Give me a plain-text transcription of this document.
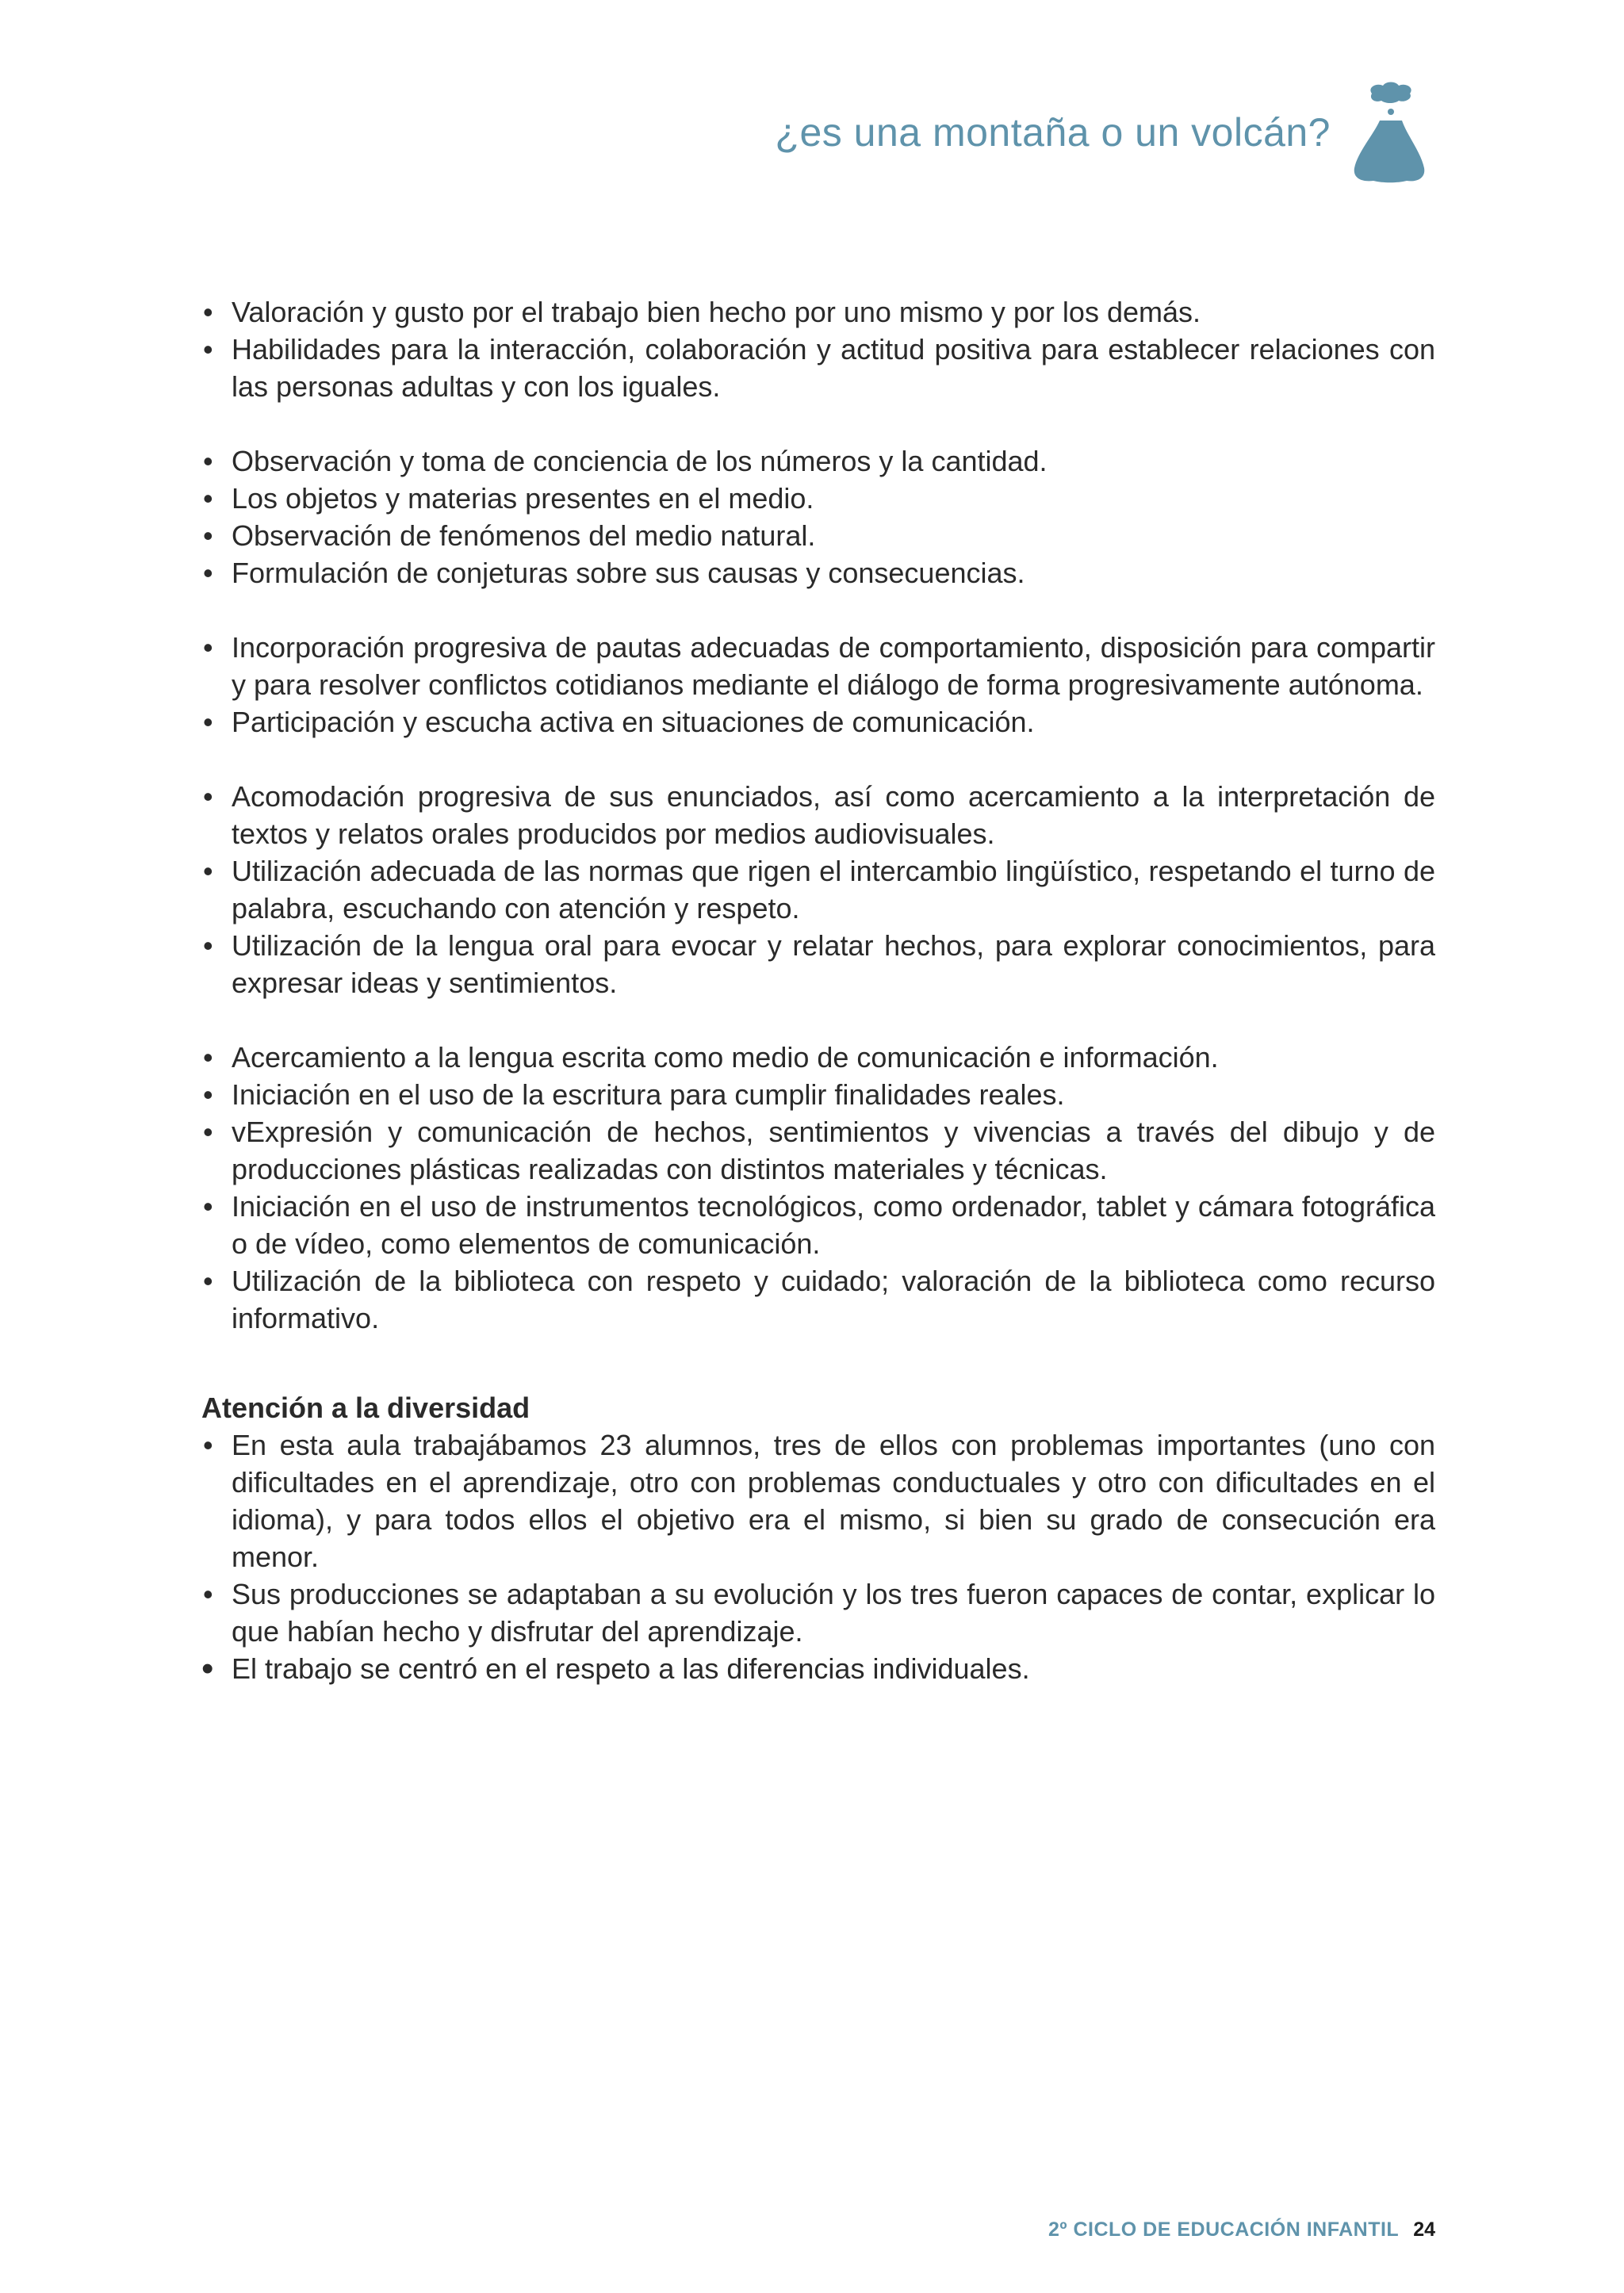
¿es una montaña o un volcán?
• Valoración y gusto por el trabajo bien hecho por uno mismo y por los demás.
• Habilidades para la interacción, colaboración y actitud positiva para establecer relaciones con las personas adultas y con los iguales.
• Observación y toma de conciencia de los números y la cantidad.
• Los objetos y materias presentes en el medio.
• Observación de fenómenos del medio natural.
• Formulación de conjeturas sobre sus causas y consecuencias.
• Incorporación progresiva de pautas adecuadas de comportamiento, disposición para compartir y para resolver conflictos cotidianos mediante el diálogo de forma progresivamente autónoma.
• Participación y escucha activa en situaciones de comunicación.
• Acomodación progresiva de sus enunciados, así como acercamiento a la interpretación de textos y relatos orales producidos por medios audiovisuales.
• Utilización adecuada de las normas que rigen el intercambio lingüístico, respetando el turno de palabra, escuchando con atención y respeto.
• Utilización de la lengua oral para evocar y relatar hechos, para explorar conocimientos, para expresar ideas y sentimientos.
• Acercamiento a la lengua escrita como medio de comunicación e información.
• Iniciación en el uso de la escritura para cumplir finalidades reales.
• vExpresión y comunicación de hechos, sentimientos y vivencias a través del dibujo y de producciones plásticas realizadas con distintos materiales y técnicas.
• Iniciación en el uso de instrumentos tecnológicos, como ordenador, tablet y cámara fotográfica o de vídeo, como elementos de comunicación.
• Utilización de la biblioteca con respeto y cuidado; valoración de la biblioteca como recurso informativo.
Atención a la diversidad
• En esta aula trabajábamos 23 alumnos, tres de ellos con problemas importantes (uno con dificultades en el aprendizaje, otro con problemas conductuales y otro con dificultades en el idioma), y para todos ellos el objetivo era el mismo, si bien su grado de consecución era menor.
• Sus producciones se adaptaban a su evolución y los tres fueron capaces de contar, explicar lo que habían hecho y disfrutar del aprendizaje.
• El trabajo se centró en el respeto a las diferencias individuales.
2º CICLO DE EDUCACIÓN INFANTIL 24
